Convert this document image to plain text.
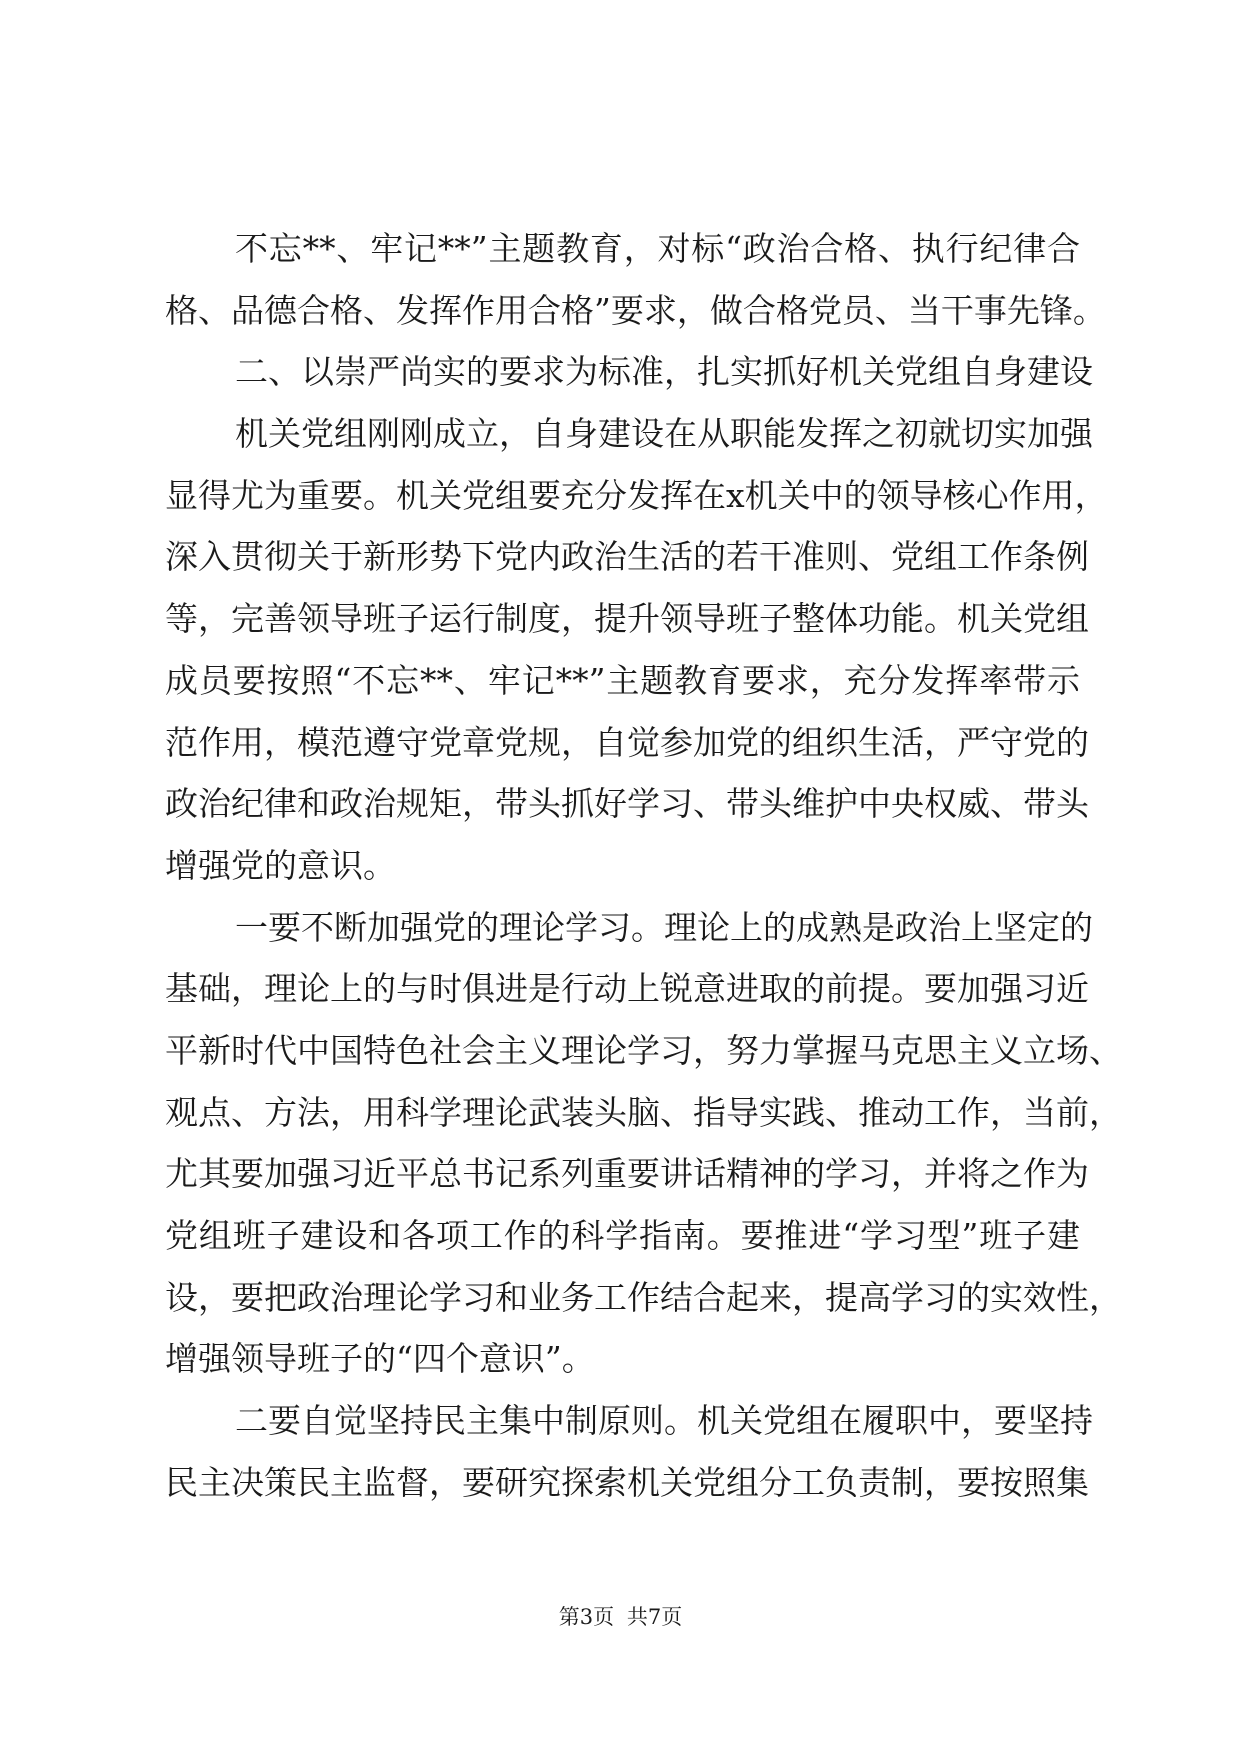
不忘**、牢记**”主题教育，对标“政治合格、执行纪律合
格、品德合格、发挥作用合格”要求，做合格党员、当干事先锋。
二、以崇严尚实的要求为标准，扎实抓好机关党组自身建设
机关党组刚刚成立，自身建设在从职能发挥之初就切实加强
显得尤为重要。机关党组要充分发挥在x机关中的领导核心作用，
深入贯彻关于新形势下党内政治生活的若干准则、党组工作条例
等，完善领导班子运行制度，提升领导班子整体功能。机关党组
成员要按照“不忘**、牢记**”主题教育要求，充分发挥率带示
范作用，模范遵守党章党规，自觉参加党的组织生活，严守党的
政治纪律和政治规矩，带头抓好学习、带头维护中央权威、带头
增强党的意识。
一要不断加强党的理论学习。理论上的成熟是政治上坚定的
基础，理论上的与时俱进是行动上锐意进取的前提。要加强习近
平新时代中国特色社会主义理论学习，努力掌握马克思主义立场、
观点、方法，用科学理论武装头脑、指导实践、推动工作，当前，
尤其要加强习近平总书记系列重要讲话精神的学习，并将之作为
党组班子建设和各项工作的科学指南。要推进“学习型”班子建
设，要把政治理论学习和业务工作结合起来，提高学习的实效性，
增强领导班子的“四个意识”。
二要自觉坚持民主集中制原则。机关党组在履职中，要坚持
民主决策民主监督，要研究探索机关党组分工负责制，要按照集
第3页 共7页
